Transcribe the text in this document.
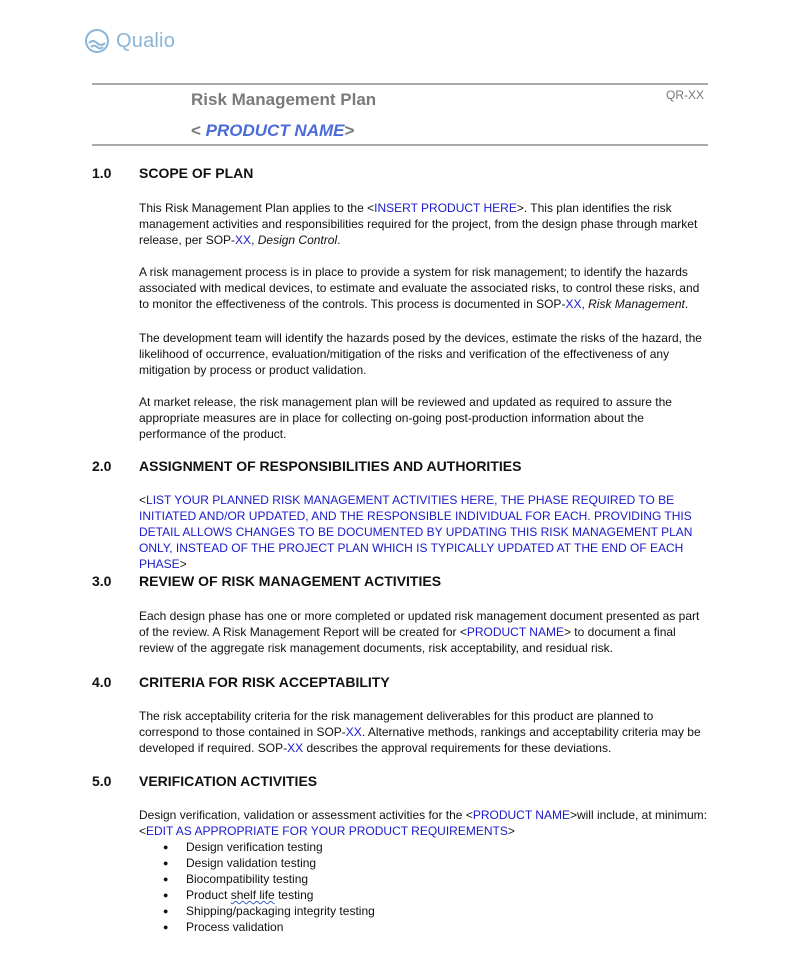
Qualio
Risk Management Plan	QR-XX
< PRODUCT NAME>
1.0 SCOPE OF PLAN
This Risk Management Plan applies to the <INSERT PRODUCT HERE>. This plan identifies the risk management activities and responsibilities required for the project, from the design phase through market release, per SOP-XX, Design Control.
A risk management process is in place to provide a system for risk management; to identify the hazards associated with medical devices, to estimate and evaluate the associated risks, to control these risks, and to monitor the effectiveness of the controls. This process is documented in SOP-XX, Risk Management.
The development team will identify the hazards posed by the devices, estimate the risks of the hazard, the likelihood of occurrence, evaluation/mitigation of the risks and verification of the effectiveness of any mitigation by process or product validation.
At market release, the risk management plan will be reviewed and updated as required to assure the appropriate measures are in place for collecting on-going post-production information about the performance of the product.
2.0 ASSIGNMENT OF RESPONSIBILITIES AND AUTHORITIES
<LIST YOUR PLANNED RISK MANAGEMENT ACTIVITIES HERE, THE PHASE REQUIRED TO BE INITIATED AND/OR UPDATED, AND THE RESPONSIBLE INDIVIDUAL FOR EACH. PROVIDING THIS DETAIL ALLOWS CHANGES TO BE DOCUMENTED BY UPDATING THIS RISK MANAGEMENT PLAN ONLY, INSTEAD OF THE PROJECT PLAN WHICH IS TYPICALLY UPDATED AT THE END OF EACH PHASE>
3.0 REVIEW OF RISK MANAGEMENT ACTIVITIES
Each design phase has one or more completed or updated risk management document presented as part of the review. A Risk Management Report will be created for <PRODUCT NAME> to document a final review of the aggregate risk management documents, risk acceptability, and residual risk.
4.0 CRITERIA FOR RISK ACCEPTABILITY
The risk acceptability criteria for the risk management deliverables for this product are planned to correspond to those contained in SOP-XX. Alternative methods, rankings and acceptability criteria may be developed if required. SOP-XX describes the approval requirements for these deviations.
5.0 VERIFICATION ACTIVITIES
Design verification, validation or assessment activities for the <PRODUCT NAME>will include, at minimum:<EDIT AS APPROPRIATE FOR YOUR PRODUCT REQUIREMENTS>
● Design verification testing
● Design validation testing
● Biocompatibility testing
● Product shelf life testing
● Shipping/packaging integrity testing
● Process validation
